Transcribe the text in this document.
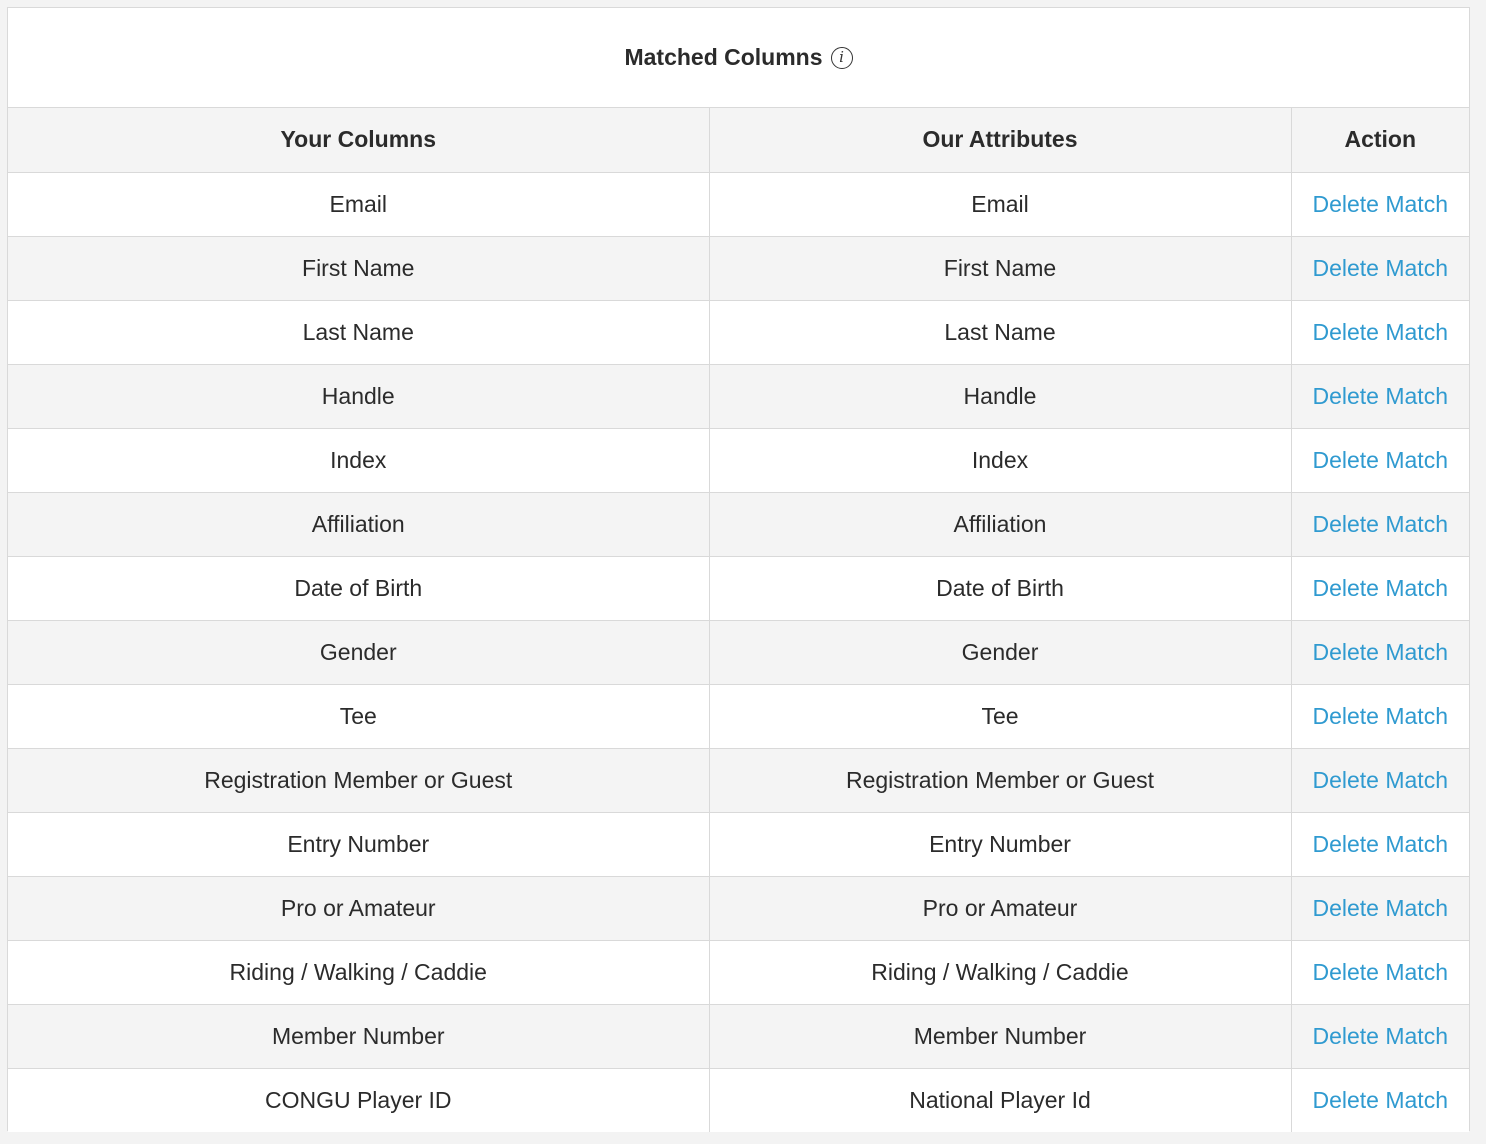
Matched Columns	i
Your Columns	Our Attributes	Action
Email	Email	Delete Match
First Name	First Name	Delete Match
Last Name	Last Name	Delete Match
Handle	Handle	Delete Match
Index	Index	Delete Match
Affiliation	Affiliation	Delete Match
Date of Birth	Date of Birth	Delete Match
Gender	Gender	Delete Match
Tee	Tee	Delete Match
Registration Member or Guest	Registration Member or Guest	Delete Match
Entry Number	Entry Number	Delete Match
Pro or Amateur	Pro or Amateur	Delete Match
Riding / Walking / Caddie	Riding / Walking / Caddie	Delete Match
Member Number	Member Number	Delete Match
CONGU Player ID	National Player Id	Delete Match
